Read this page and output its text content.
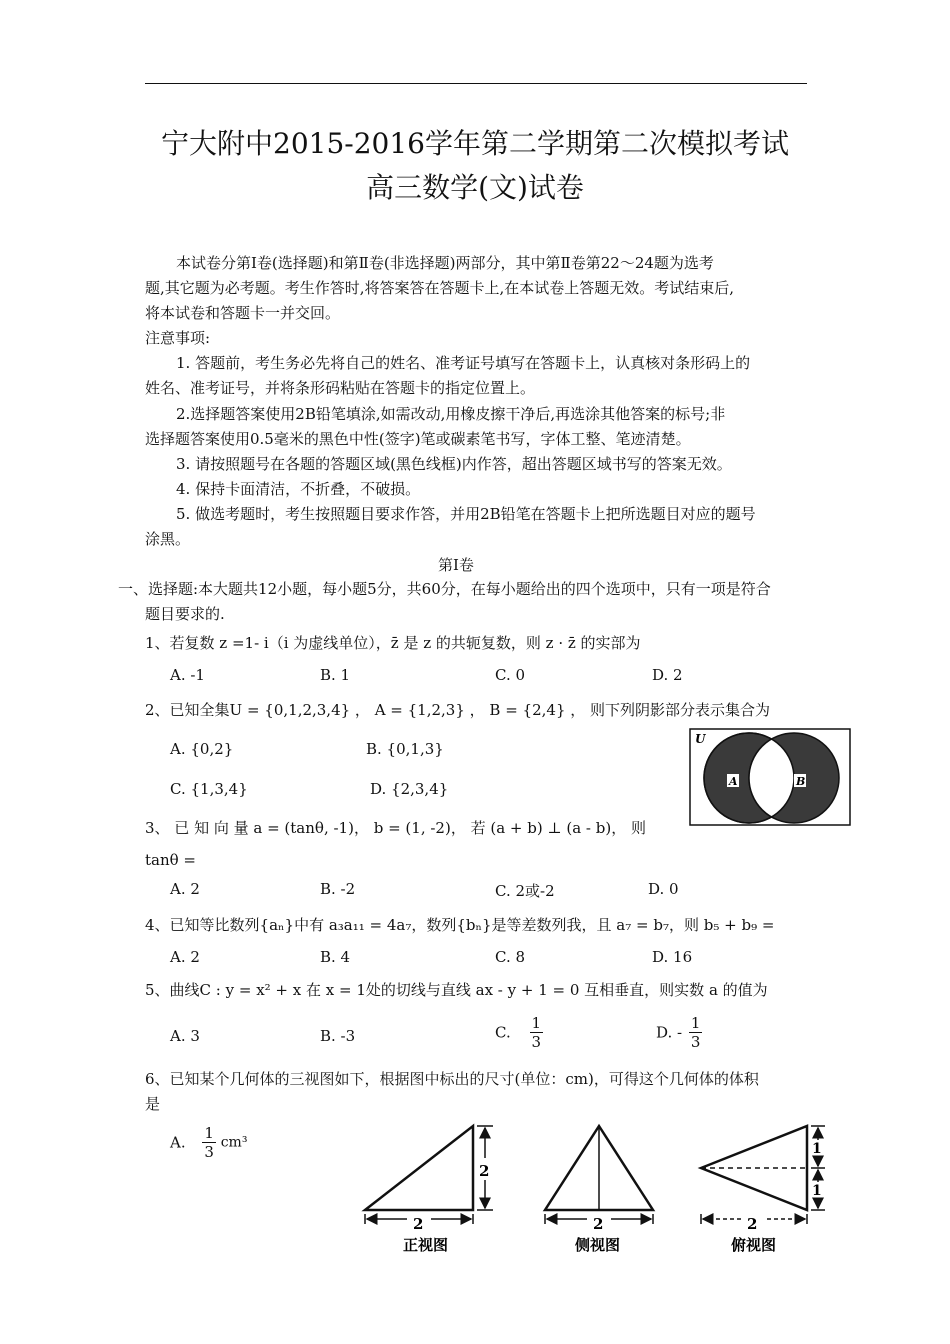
宁大附中2015-2016学年第二学期第二次模拟考试
高三数学(文)试卷
本试卷分第Ⅰ卷(选择题)和第Ⅱ卷(非选择题)两部分，其中第Ⅱ卷第22～24题为选考
题,其它题为必考题。考生作答时,将答案答在答题卡上,在本试卷上答题无效。考试结束后,
将本试卷和答题卡一并交回。
注意事项:
1. 答题前，考生务必先将自己的姓名、准考证号填写在答题卡上，认真核对条形码上的
姓名、准考证号，并将条形码粘贴在答题卡的指定位置上。
2.选择题答案使用2B铅笔填涂,如需改动,用橡皮擦干净后,再选涂其他答案的标号;非
选择题答案使用0.5毫米的黑色中性(签字)笔或碳素笔书写，字体工整、笔迹清楚。
3. 请按照题号在各题的答题区域(黑色线框)内作答，超出答题区域书写的答案无效。
4. 保持卡面清洁，不折叠，不破损。
5. 做选考题时，考生按照题目要求作答，并用2B铅笔在答题卡上把所选题目对应的题号
涂黑。
第Ⅰ卷
一、选择题:本大题共12小题，每小题5分，共60分，在每小题给出的四个选项中，只有一项是符合
题目要求的.
1、若复数 z =1- i（i 为虚线单位），z̄ 是 z 的共轭复数，则 z · z̄ 的实部为
A. -1	B. 1	C. 0	D. 2
2、已知全集U = {0,1,2,3,4} ， A = {1,2,3} ， B = {2,4} ， 则下列阴影部分表示集合为
A. {0,2}	B. {0,1,3}
C. {1,3,4}	D. {2,3,4}
U
A	B
3、 已 知 向 量 a = (tanθ, -1)， b = (1, -2)， 若 (a + b) ⊥ (a - b)， 则
tanθ =
A. 2	B. -2	C. 2或-2	D. 0
4、已知等比数列{aₙ}中有 a₃a₁₁ = 4a₇，数列{bₙ}是等差数列我，且 a₇ = b₇，则 b₅ + b₉ =
A. 2	B. 4	C. 8	D. 16
5、曲线C : y = x² + x 在 x = 1处的切线与直线 ax - y + 1 = 0 互相垂直，则实数 a 的值为
A. 3	B. -3	C. $\frac{1}{3}$	D. - $\frac{1}{3}$
6、已知某个几何体的三视图如下，根据图中标出的尺寸(单位：cm)，可得这个几何体的体积
是
A. $\frac{1}{3} cm^3$
2
2
正视图
2
侧视图
1
1
2
俯视图
